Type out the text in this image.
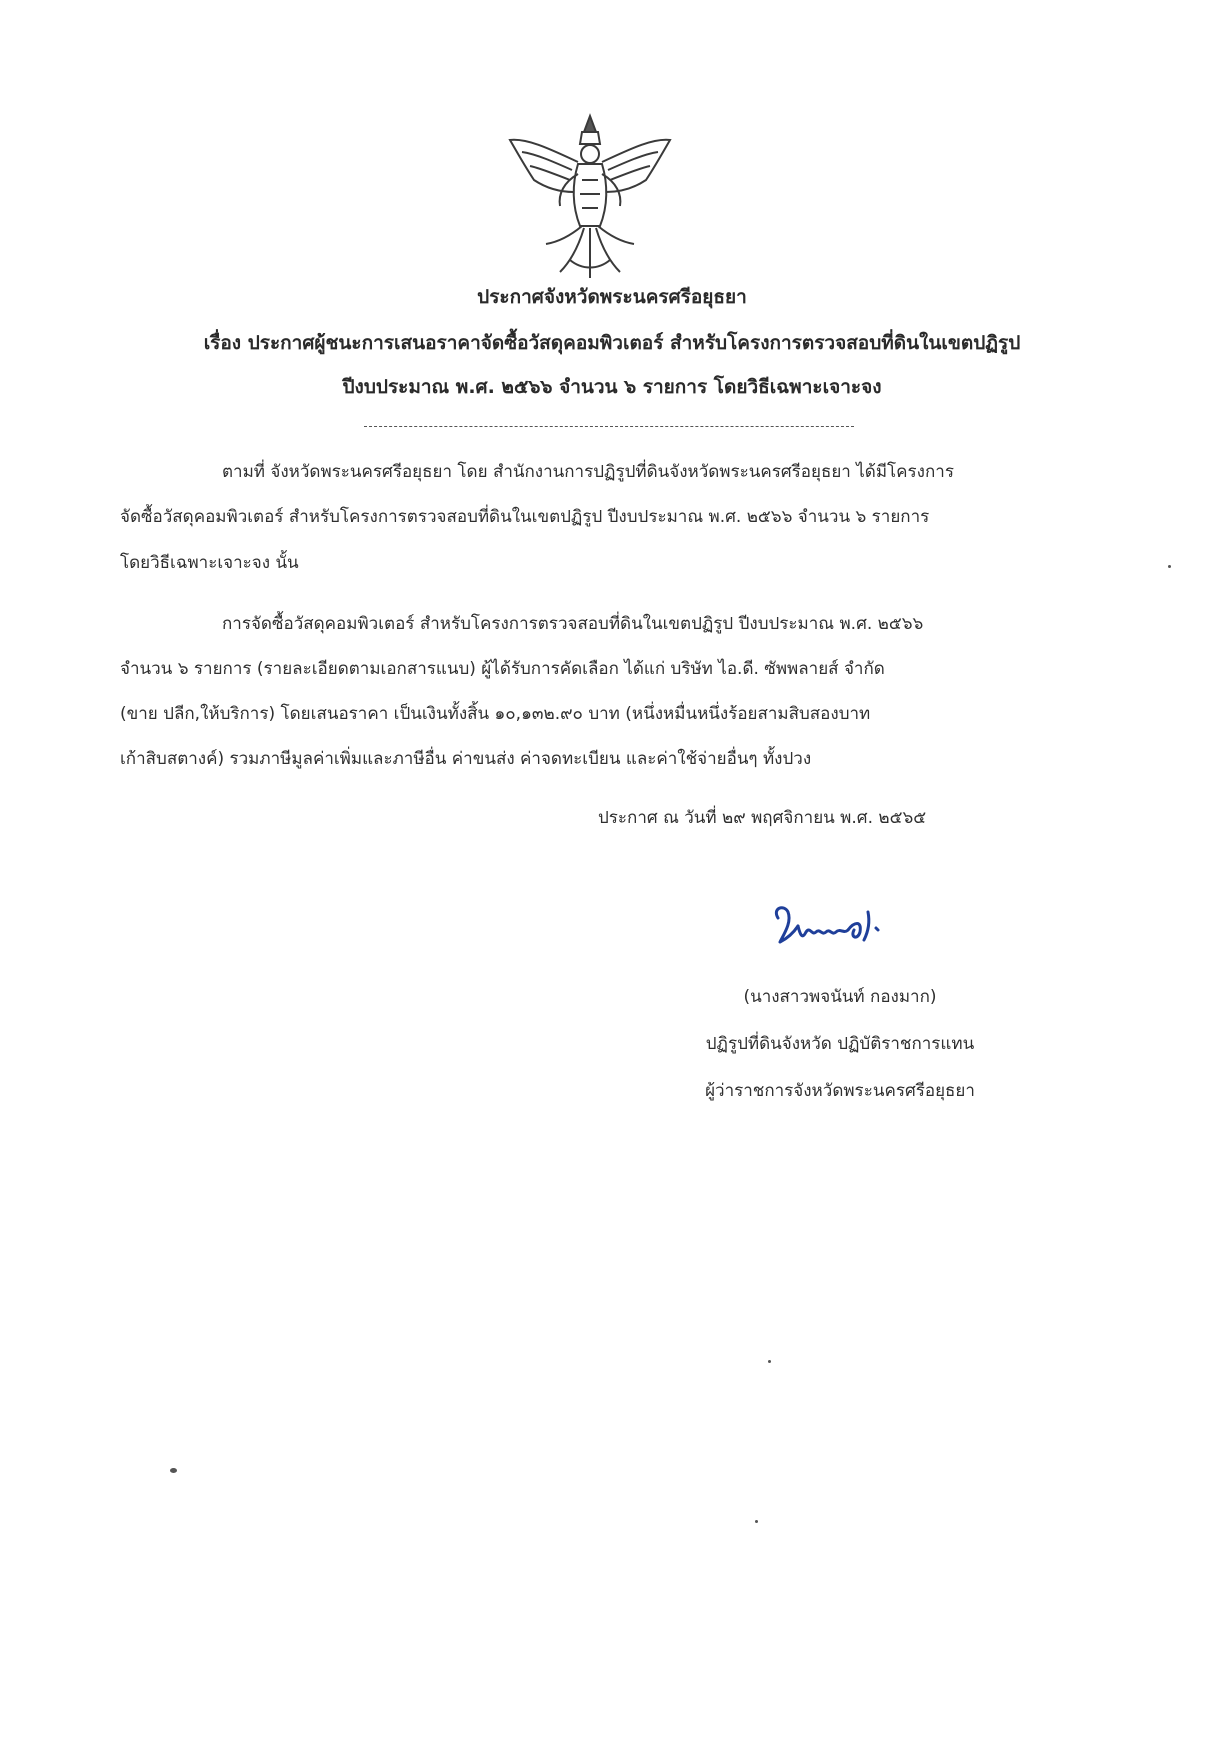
ประกาศจังหวัดพระนครศรีอยุธยา
เรื่อง ประกาศผู้ชนะการเสนอราคาจัดซื้อวัสดุคอมพิวเตอร์ สำหรับโครงการตรวจสอบที่ดินในเขตปฏิรูป
ปีงบประมาณ พ.ศ. ๒๕๖๖ จำนวน ๖ รายการ โดยวิธีเฉพาะเจาะจง
ตามที่ จังหวัดพระนครศรีอยุธยา โดย สำนักงานการปฏิรูปที่ดินจังหวัดพระนครศรีอยุธยา ได้มีโครงการ
จัดซื้อวัสดุคอมพิวเตอร์ สำหรับโครงการตรวจสอบที่ดินในเขตปฏิรูป ปีงบประมาณ พ.ศ. ๒๕๖๖ จำนวน ๖ รายการ
โดยวิธีเฉพาะเจาะจง นั้น
การจัดซื้อวัสดุคอมพิวเตอร์ สำหรับโครงการตรวจสอบที่ดินในเขตปฏิรูป ปีงบประมาณ พ.ศ. ๒๕๖๖
จำนวน ๖ รายการ (รายละเอียดตามเอกสารแนบ) ผู้ได้รับการคัดเลือก ได้แก่ บริษัท ไอ.ดี. ซัพพลายส์ จำกัด
(ขาย ปลีก,ให้บริการ) โดยเสนอราคา เป็นเงินทั้งสิ้น ๑๐,๑๓๒.๙๐ บาท (หนึ่งหมื่นหนึ่งร้อยสามสิบสองบาท
เก้าสิบสตางค์) รวมภาษีมูลค่าเพิ่มและภาษีอื่น ค่าขนส่ง ค่าจดทะเบียน และค่าใช้จ่ายอื่นๆ ทั้งปวง
ประกาศ ณ วันที่ ๒๙ พฤศจิกายน พ.ศ. ๒๕๖๕
(นางสาวพจนันท์ กองมาก)
ปฏิรูปที่ดินจังหวัด ปฏิบัติราชการแทน
ผู้ว่าราชการจังหวัดพระนครศรีอยุธยา
